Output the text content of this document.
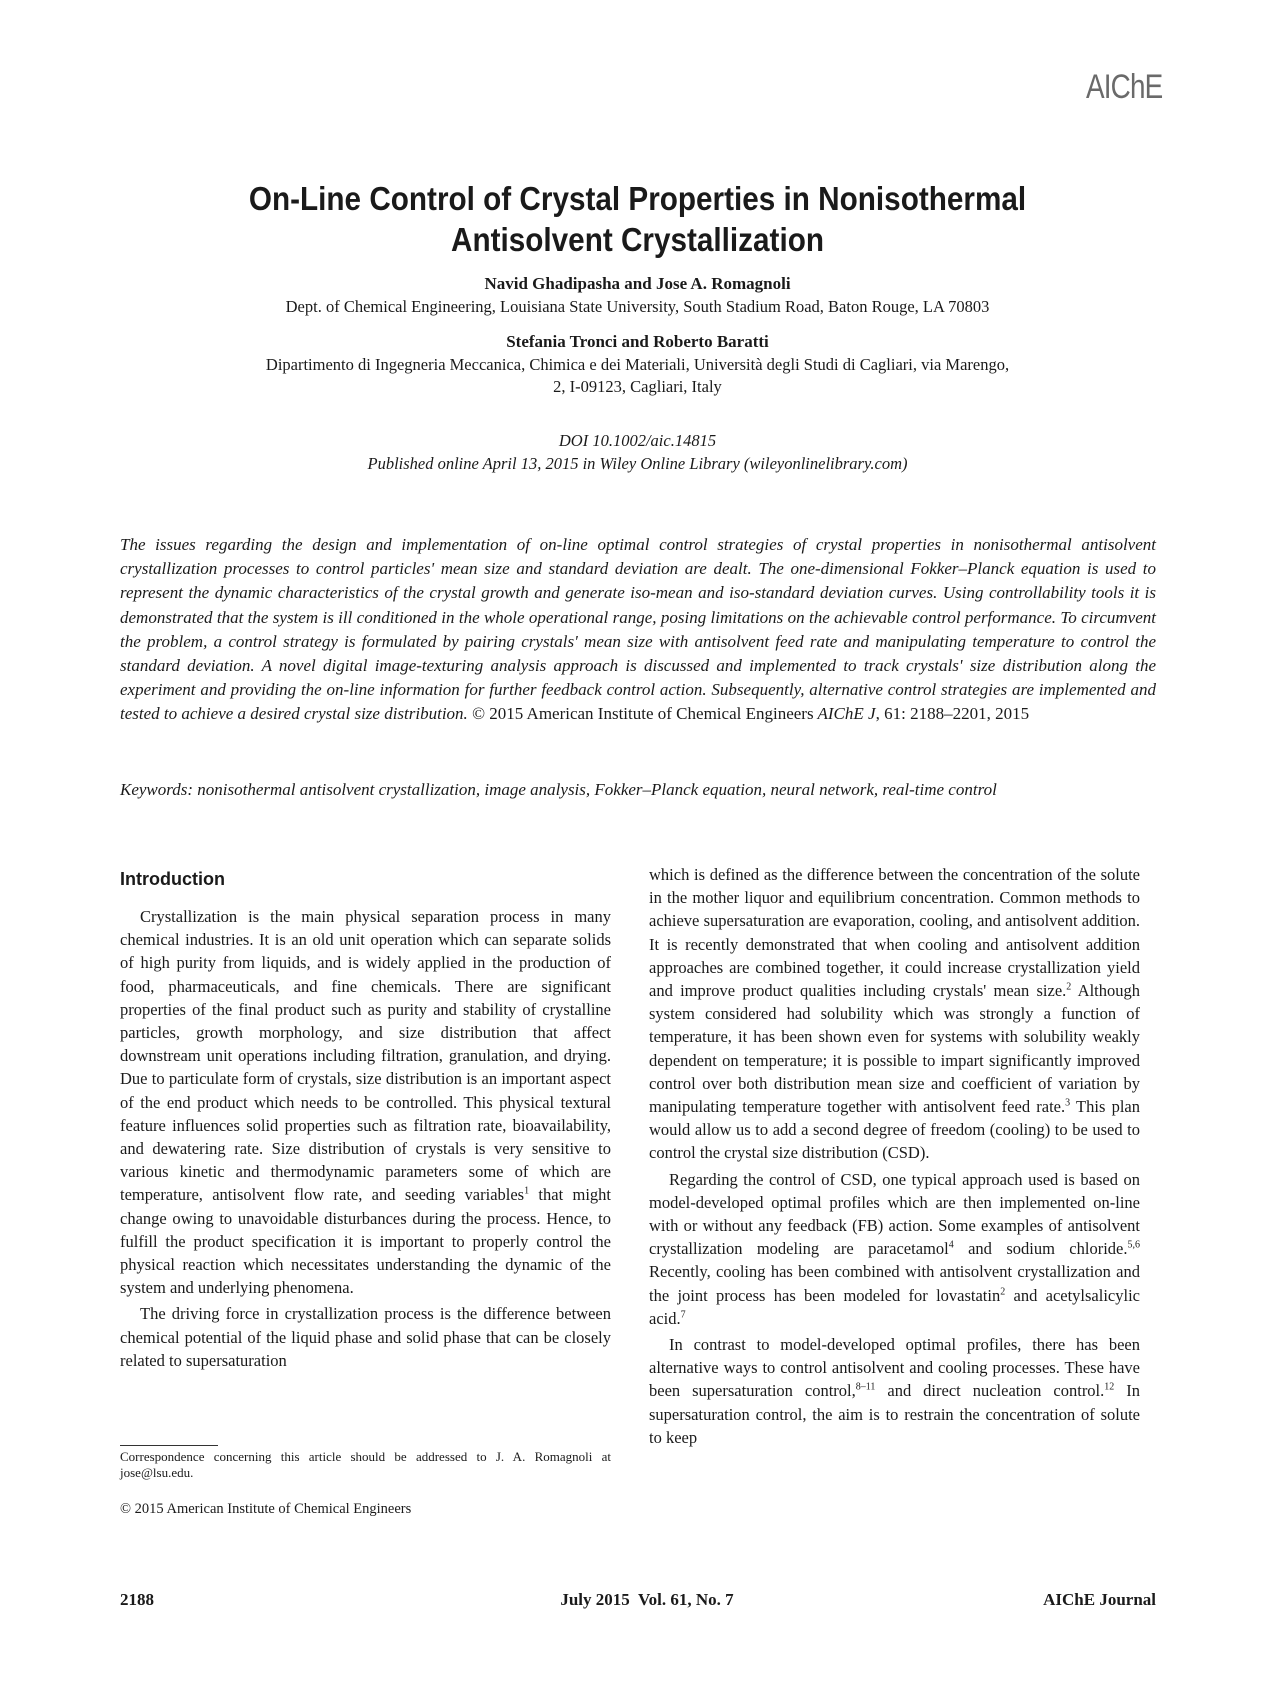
AIChE
On-Line Control of Crystal Properties in Nonisothermal
Antisolvent Crystallization
Navid Ghadipasha and Jose A. Romagnoli
Dept. of Chemical Engineering, Louisiana State University, South Stadium Road, Baton Rouge, LA 70803
Stefania Tronci and Roberto Baratti
Dipartimento di Ingegneria Meccanica, Chimica e dei Materiali, Università degli Studi di Cagliari, via Marengo,
2, I-09123, Cagliari, Italy
DOI 10.1002/aic.14815
Published online April 13, 2015 in Wiley Online Library (wileyonlinelibrary.com)
The issues regarding the design and implementation of on-line optimal control strategies of crystal properties in nonisothermal antisolvent crystallization processes to control particles' mean size and standard deviation are dealt. The one-dimensional Fokker–Planck equation is used to represent the dynamic characteristics of the crystal growth and generate iso-mean and iso-standard deviation curves. Using controllability tools it is demonstrated that the system is ill conditioned in the whole operational range, posing limitations on the achievable control performance. To circumvent the problem, a control strategy is formulated by pairing crystals' mean size with antisolvent feed rate and manipulating temperature to control the standard deviation. A novel digital image-texturing analysis approach is discussed and implemented to track crystals' size distribution along the experiment and providing the on-line information for further feedback control action. Subsequently, alternative control strategies are implemented and tested to achieve a desired crystal size distribution. © 2015 American Institute of Chemical Engineers AIChE J, 61: 2188–2201, 2015
Keywords: nonisothermal antisolvent crystallization, image analysis, Fokker–Planck equation, neural network, real-time control
Introduction

Crystallization is the main physical separation process in many chemical industries. It is an old unit operation which can separate solids of high purity from liquids, and is widely applied in the production of food, pharmaceuticals, and fine chemicals. There are significant properties of the final product such as purity and stability of crystalline particles, growth morphology, and size distribution that affect downstream unit operations including filtration, granulation, and drying. Due to particulate form of crystals, size distribution is an important aspect of the end product which needs to be controlled. This physical textural feature influences solid properties such as filtration rate, bioavailability, and dewatering rate. Size distribution of crystals is very sensitive to various kinetic and thermodynamic parameters some of which are temperature, antisolvent flow rate, and seeding variables$^1$ that might change owing to unavoidable disturbances during the process. Hence, to fulfill the product specification it is important to properly control the physical reaction which necessitates understanding the dynamic of the system and underlying phenomena.

The driving force in crystallization process is the difference between chemical potential of the liquid phase and solid phase that can be closely related to supersaturation

which is defined as the difference between the concentration of the solute in the mother liquor and equilibrium concentration. Common methods to achieve supersaturation are evaporation, cooling, and antisolvent addition. It is recently demonstrated that when cooling and antisolvent addition approaches are combined together, it could increase crystallization yield and improve product qualities including crystals' mean size.$^2$ Although system considered had solubility which was strongly a function of temperature, it has been shown even for systems with solubility weakly dependent on temperature; it is possible to impart significantly improved control over both distribution mean size and coefficient of variation by manipulating temperature together with antisolvent feed rate.$^3$ This plan would allow us to add a second degree of freedom (cooling) to be used to control the crystal size distribution (CSD).

Regarding the control of CSD, one typical approach used is based on model-developed optimal profiles which are then implemented on-line with or without any feedback (FB) action. Some examples of antisolvent crystallization modeling are paracetamol$^4$ and sodium chloride.$^{5,6}$ Recently, cooling has been combined with antisolvent crystallization and the joint process has been modeled for lovastatin$^2$ and acetylsalicylic acid.$^7$

In contrast to model-developed optimal profiles, there has been alternative ways to control antisolvent and cooling processes. These have been supersaturation control,$^{8-11}$ and direct nucleation control.$^{12}$ In supersaturation control, the aim is to restrain the concentration of solute to keep

Correspondence concerning this article should be addressed to J. A. Romagnoli at jose@lsu.edu.
© 2015 American Institute of Chemical Engineers
2188	July 2015  Vol. 61, No. 7	AIChE Journal
